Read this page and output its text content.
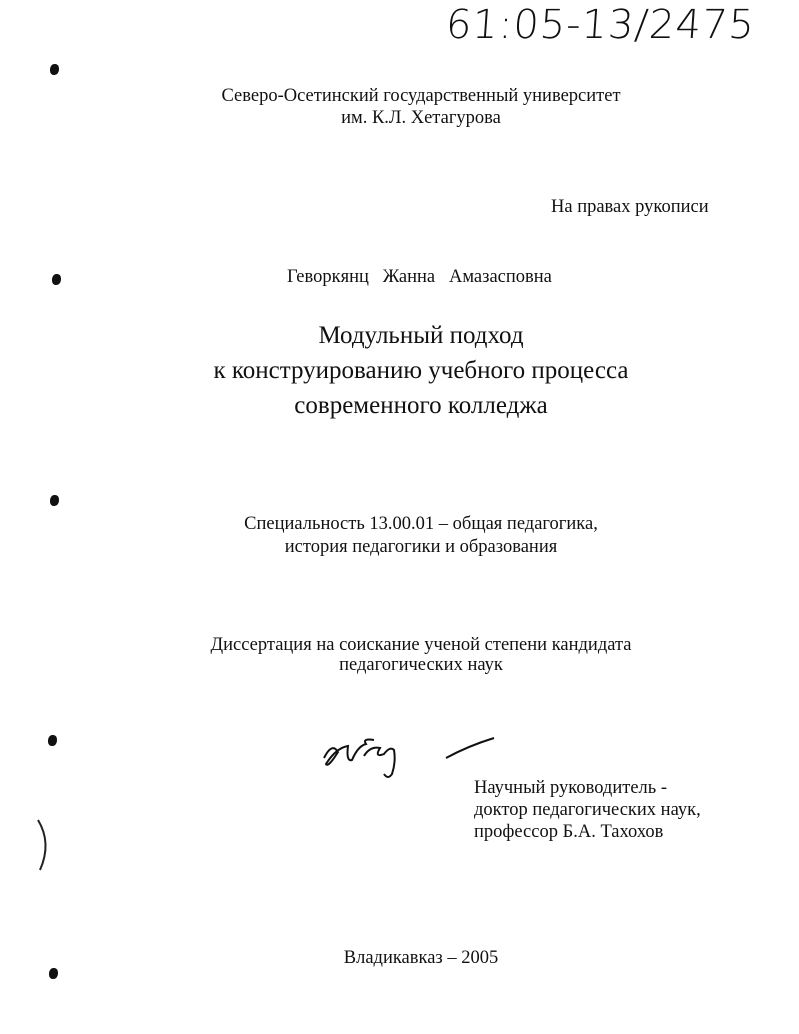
61:05-13/2475
Северо-Осетинский государственный университет
им. К.Л. Хетагурова
На правах рукописи
Геворкянц   Жанна   Амазасповна
Модульный подход
к конструированию учебного процесса
современного колледжа
Специальность 13.00.01 – общая педагогика,
история педагогики и образования
Диссертация на соискание ученой степени кандидата
педагогических наук
Научный руководитель -
доктор педагогических наук,
профессор Б.А. Тахохов
Владикавказ – 2005
